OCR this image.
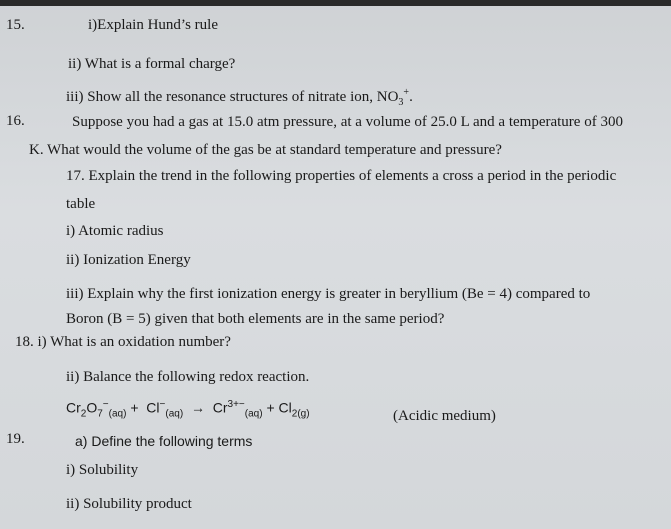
15.	i)Explain Hund’s rule
ii) What is a formal charge?
iii) Show all the resonance structures of nitrate ion, $NO_3^+$.
16.	Suppose you had a gas at 15.0 atm pressure, at a volume of 25.0 L and a temperature of 300
K. What would the volume of the gas be at standard temperature and pressure?
17. Explain the trend in the following properties of elements a cross a period in the periodic
table
i) Atomic radius
ii) Ionization Energy
iii) Explain why the first ionization energy is greater in beryllium (Be = 4) compared to
Boron (B = 5) given that both elements are in the same period?
18. i) What is an oxidation number?
ii) Balance the following redox reaction.
$Cr_2O_7^-_{(aq)} + Cl^-_{(aq)} \to Cr^{3+-}_{(aq)} + Cl_{2(g)}$	(Acidic medium)
19.	a) Define the following terms
i) Solubility
ii) Solubility product
